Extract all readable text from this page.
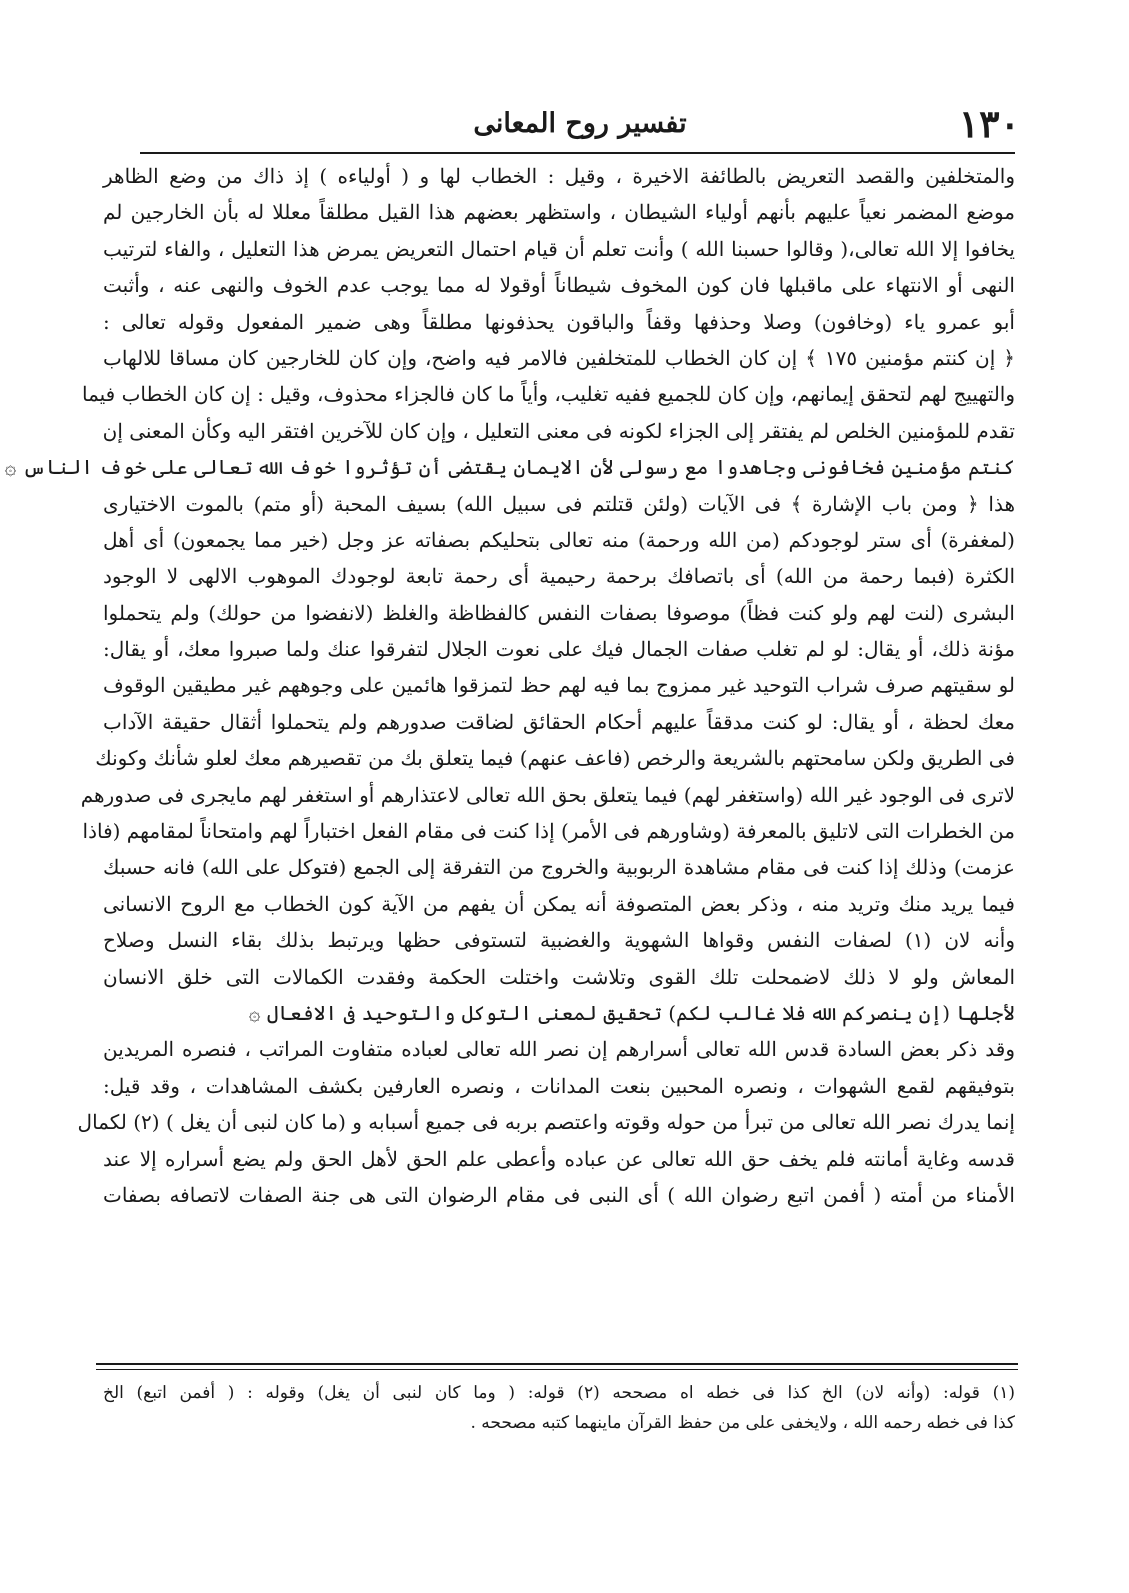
١٣٠
تفسير روح المعانى
والمتخلفين والقصد التعريض بالطائفة الاخيرة ، وقيل : الخطاب لها و ( أولياءه ) إذ ذاك من وضع الظاهر
موضع المضمر نعياً عليهم بأنهم أولياء الشيطان ، واستظهر بعضهم هذا القيل مطلقاً معللا له بأن الخارجين لم
يخافوا إلا الله تعالى،( وقالوا حسبنا الله ) وأنت تعلم أن قيام احتمال التعريض يمرض هذا التعليل ، والفاء لترتيب
النهى أو الانتهاء على ماقبلها فان كون المخوف شيطاناً أوقولا له مما يوجب عدم الخوف والنهى عنه ، وأثبت
أبو عمرو ياء (وخافون) وصلا وحذفها وقفاً والباقون يحذفونها مطلقاً وهى ضمير المفعول وقوله تعالى :
﴿ إن كنتم مؤمنين ١٧٥ ﴾ إن كان الخطاب للمتخلفين فالامر فيه واضح، وإن كان للخارجين كان مساقا للالهاب
والتهييج لهم لتحقق إيمانهم، وإن كان للجميع ففيه تغليب، وأياً ما كان فالجزاء محذوف، وقيل : إن كان الخطاب فيما
تقدم للمؤمنين الخلص لم يفتقر إلى الجزاء لكونه فى معنى التعليل ، وإن كان للآخرين افتقر اليه وكأن المعنى إن
كنتم مؤمنين فخافونى وجاهدوا مع رسولى لأن الايمان يقتضى أن تؤثروا خوف الله تعالى على خوف الناس ۞
هذا ﴿ ومن باب الإشارة ﴾ فى الآيات (ولئن قتلتم فى سبيل الله) بسيف المحبة (أو متم) بالموت الاختيارى
(لمغفرة) أى ستر لوجودكم (من الله ورحمة) منه تعالى بتحليكم بصفاته عز وجل (خير مما يجمعون) أى أهل
الكثرة (فبما رحمة من الله) أى باتصافك برحمة رحيمية أى رحمة تابعة لوجودك الموهوب الالهى لا الوجود
البشرى (لنت لهم ولو كنت فظاً) موصوفا بصفات النفس كالفظاظة والغلظ (لانفضوا من حولك) ولم يتحملوا
مؤنة ذلك، أو يقال: لو لم تغلب صفات الجمال فيك على نعوت الجلال لتفرقوا عنك ولما صبروا معك، أو يقال:
لو سقيتهم صرف شراب التوحيد غير ممزوج بما فيه لهم حظ لتمزقوا هائمين على وجوههم غير مطيقين الوقوف
معك لحظة ، أو يقال: لو كنت مدققاً عليهم أحكام الحقائق لضاقت صدورهم ولم يتحملوا أثقال حقيقة الآداب
فى الطريق ولكن سامحتهم بالشريعة والرخص (فاعف عنهم) فيما يتعلق بك من تقصيرهم معك لعلو شأنك وكونك
لاترى فى الوجود غير الله (واستغفر لهم) فيما يتعلق بحق الله تعالى لاعتذارهم أو استغفر لهم مايجرى فى صدورهم
من الخطرات التى لاتليق بالمعرفة (وشاورهم فى الأمر) إذا كنت فى مقام الفعل اختباراً لهم وامتحاناً لمقامهم (فاذا
عزمت) وذلك إذا كنت فى مقام مشاهدة الربوبية والخروج من التفرقة إلى الجمع (فتوكل على الله) فانه حسبك
فيما يريد منك وتريد منه ، وذكر بعض المتصوفة أنه يمكن أن يفهم من الآية كون الخطاب مع الروح الانسانى
وأنه لان (١) لصفات النفس وقواها الشهوية والغضبية لتستوفى حظها ويرتبط بذلك بقاء النسل وصلاح
المعاش ولو لا ذلك لاضمحلت تلك القوى وتلاشت واختلت الحكمة وفقدت الكمالات التى خلق الانسان
لأجلها (إن ينصركم الله فلا غالب لكم) تحقيق لمعنى التوكل والتوحيد فى الافعال ۞
وقد ذكر بعض السادة قدس الله تعالى أسرارهم إن نصر الله تعالى لعباده متفاوت المراتب ، فنصره المريدين
بتوفيقهم لقمع الشهوات ، ونصره المحبين بنعت المدانات ، ونصره العارفين بكشف المشاهدات ، وقد قيل:
إنما يدرك نصر الله تعالى من تبرأ من حوله وقوته واعتصم بربه فى جميع أسبابه و (ما كان لنبى أن يغل ) (٢) لكمال
قدسه وغاية أمانته فلم يخف حق الله تعالى عن عباده وأعطى علم الحق لأهل الحق ولم يضع أسراره إلا عند
الأمناء من أمته ( أفمن اتبع رضوان الله ) أى النبى فى مقام الرضوان التى هى جنة الصفات لاتصافه بصفات
(١) قوله: (وأنه لان) الخ كذا فى خطه اه مصححه (٢) قوله: ( وما كان لنبى أن يغل) وقوله : ( أفمن اتبع) الخ
كذا فى خطه رحمه الله ، ولايخفى على من حفظ القرآن ماينهما كتبه مصححه .
